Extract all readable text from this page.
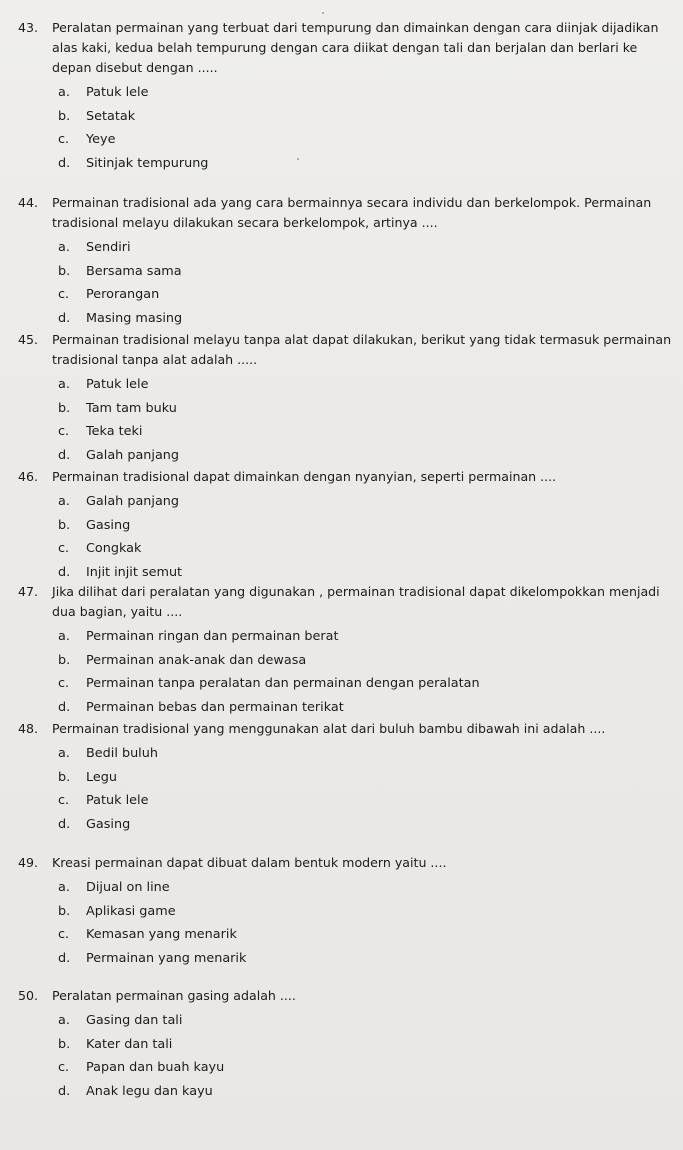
43. Peralatan permainan yang terbuat dari tempurung dan dimainkan dengan cara diinjak dijadikan alas kaki, kedua belah tempurung dengan cara diikat dengan tali dan berjalan dan berlari ke depan disebut dengan .....
a. Patuk lele
b. Setatak
c. Yeye
d. Sitinjak tempurung
44. Permainan tradisional ada yang cara bermainnya secara individu dan berkelompok. Permainan tradisional melayu dilakukan secara berkelompok, artinya ....
a. Sendiri
b. Bersama sama
c. Perorangan
d. Masing masing
45. Permainan tradisional melayu tanpa alat dapat dilakukan, berikut yang tidak termasuk permainan tradisional tanpa alat adalah .....
a. Patuk lele
b. Tam tam buku
c. Teka teki
d. Galah panjang
46. Permainan tradisional dapat dimainkan dengan nyanyian, seperti permainan ....
a. Galah panjang
b. Gasing
c. Congkak
d. Injit injit semut
47. Jika dilihat dari peralatan yang digunakan , permainan tradisional dapat dikelompokkan menjadi dua bagian, yaitu ....
a. Permainan ringan dan permainan berat
b. Permainan anak-anak dan dewasa
c. Permainan tanpa peralatan dan permainan dengan peralatan
d. Permainan bebas dan permainan terikat
48. Permainan tradisional yang menggunakan alat dari buluh bambu dibawah ini adalah ....
a. Bedil buluh
b. Legu
c. Patuk lele
d. Gasing
49. Kreasi permainan dapat dibuat dalam bentuk modern yaitu ....
a. Dijual on line
b. Aplikasi game
c. Kemasan yang menarik
d. Permainan yang menarik
50. Peralatan permainan gasing adalah ....
a. Gasing dan tali
b. Kater dan tali
c. Papan dan buah kayu
d. Anak legu dan kayu
